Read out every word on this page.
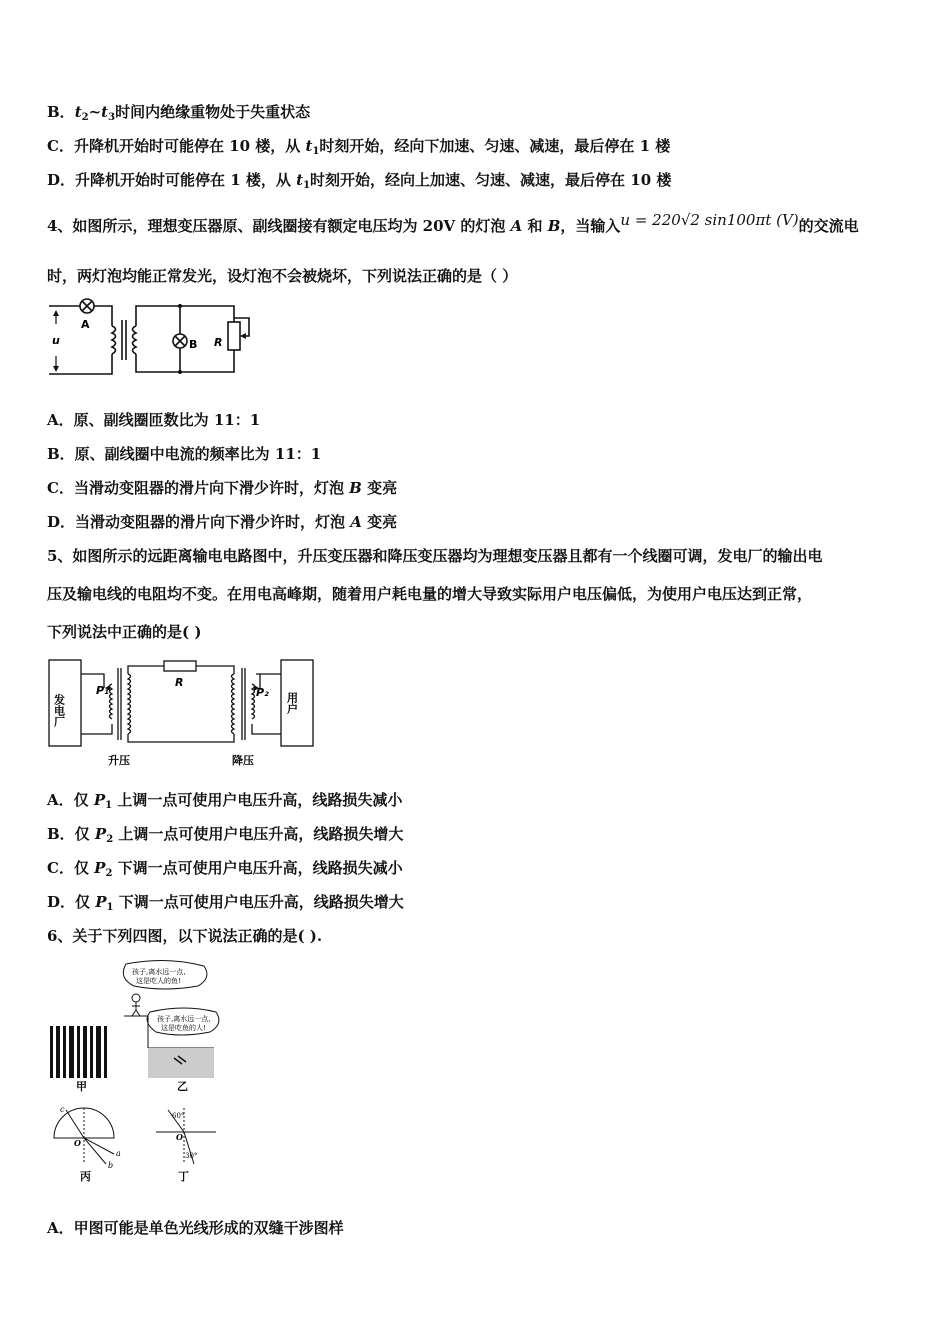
B．$t_2\sim t_3$时间内绝缘重物处于失重状态
C．升降机开始时可能停在 10 楼，从 $t_1$时刻开始，经向下加速、匀速、减速，最后停在 1 楼
D．升降机开始时可能停在 1 楼，从 $t_1$时刻开始，经向上加速、匀速、减速，最后停在 10 楼
4、如图所示，理想变压器原、副线圈接有额定电压均为 20V 的灯泡 A 和 B，当输入u = 220√2 sin100πt (V)的交流电
时，两灯泡均能正常发光，设灯泡不会被烧坏，下列说法正确的是（ ）
u
A
B R
A．原、副线圈匝数比为 11：1
B．原、副线圈中电流的频率比为 11：1
C．当滑动变阻器的滑片向下滑少许时，灯泡 B 变亮
D．当滑动变阻器的滑片向下滑少许时，灯泡 A 变亮
5、如图所示的远距离输电电路图中，升压变压器和降压变压器均为理想变压器且都有一个线圈可调，发电厂的输出电
压及输电线的电阻均不变。在用电高峰期，随着用户耗电量的增大导致实际用户电压偏低，为使用户电压达到正常，
下列说法中正确的是( )
发电厂	用户
R
P₁	P₂
升压	降压
A．仅 $P_1$ 上调一点可使用户电压升高，线路损失减小
B．仅 $P_2$ 上调一点可使用户电压升高，线路损失增大
C．仅 $P_2$ 下调一点可使用户电压升高，线路损失减小
D．仅 $P_1$ 下调一点可使用户电压升高，线路损失增大
6、关于下列四图，以下说法正确的是( ).
甲
孩子,离水远一点,
这是吃人的鱼!
孩子,离水远一点,
这是吃鱼的人!
乙
c
O
a
b
丙
60°
O
30°
丁
A．甲图可能是单色光线形成的双缝干涉图样
